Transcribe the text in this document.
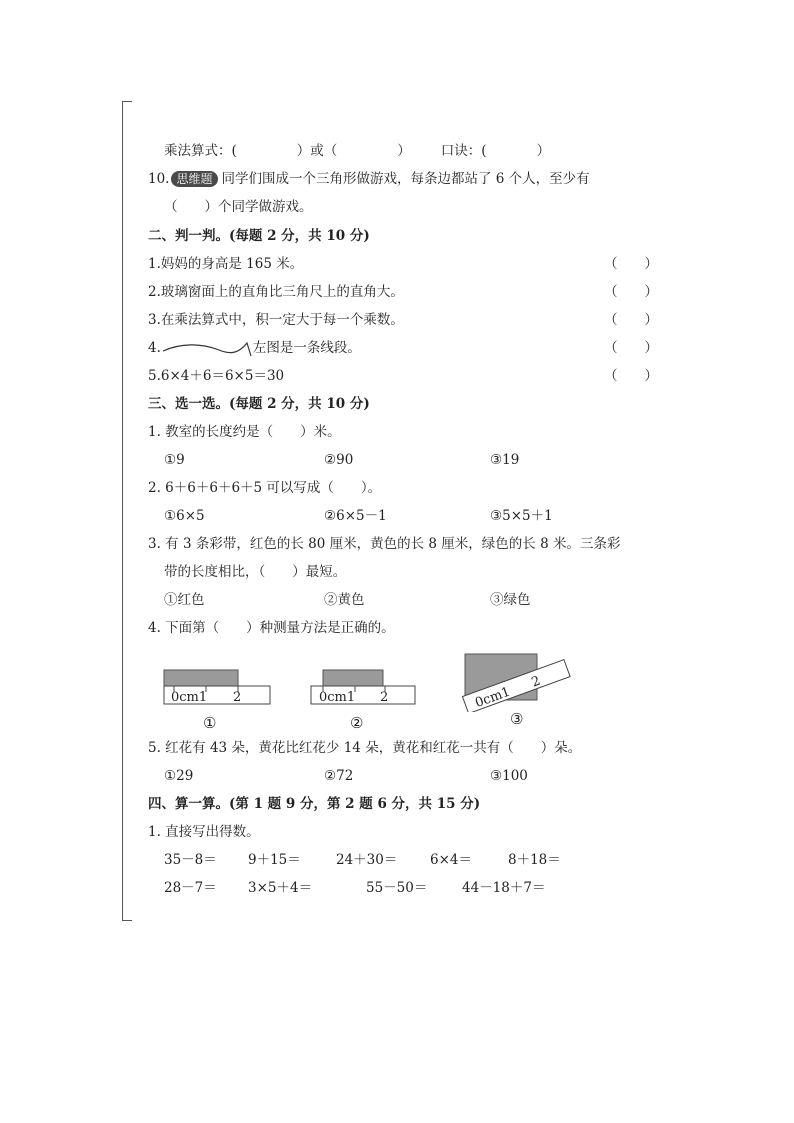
乘法算式：(	）或（	） 口诀：(	）
10. 思维题 同学们围成一个三角形做游戏，每条边都站了 6 个人，至少有
（　　）个同学做游戏。
二、判一判。(每题 2 分，共 10 分)
1.妈妈的身高是 165 米。	（　　）
2.玻璃窗面上的直角比三角尺上的直角大。	（　　）
3.在乘法算式中，积一定大于每一个乘数。	（　　）
4.	左图是一条线段。	（　　）
5.6×4＋6＝6×5＝30	（　　）
三、选一选。(每题 2 分，共 10 分)
1. 教室的长度约是（　　）米。
①9	②90	③19
2. 6＋6＋6＋6＋5 可以写成（　　）。
①6×5	②6×5－1	③5×5＋1
3. 有 3 条彩带，红色的长 80 厘米，黄色的长 8 厘米，绿色的长 8 米。三条彩
带的长度相比，（　　）最短。
①红色	②黄色	③绿色
4. 下面第（　　）种测量方法是正确的。
0cm1 2
①
0cm1 2
②
0cm1
2
③
5. 红花有 43 朵，黄花比红花少 14 朵，黄花和红花一共有（　　）朵。
①29	②72	③100
四、算一算。(第 1 题 9 分，第 2 题 6 分，共 15 分)
1. 直接写出得数。
35－8＝ 9＋15＝	24＋30＝ 6×4＝	8＋18＝
28－7＝ 3×5＋4＝	55－50＝	44－18＋7＝
